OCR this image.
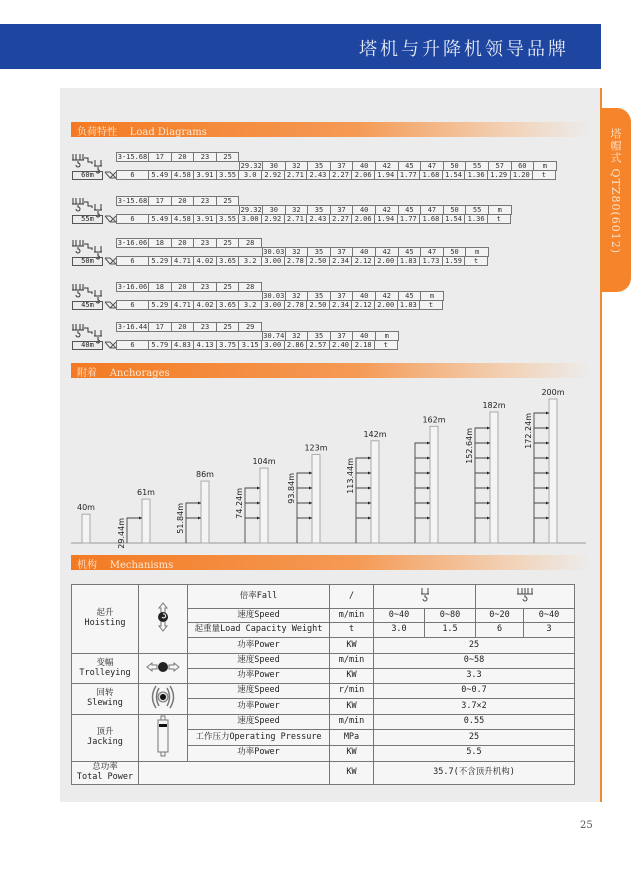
塔机与升降机领导品牌
塔帽式 QTZ80(6012)
负荷特性    Load Diagrams
60m
3-15.68	17	20	23	25
29.32	30	32	35	37	40	42	45	47	50	55	57	60	m
6	5.49 4.58 3.91 3.55	3.0	2.92 2.71 2.43 2.27 2.06 1.94 1.77 1.68 1.54 1.36 1.29 1.20	t
55m
3-15.68	17	20	23	25
29.32	30	32	35	37	40	42	45	47	50	55	m
6	5.49 4.58 3.91 3.55 3.00 2.92 2.71 2.43 2.27 2.06 1.94 1.77 1.68 1.54 1.36	t
50m
3-16.06	18	20	23	25	28
30.03	32	35	37	40	42	45	47	50	m
6	5.29 4.71 4.02 3.65	3.2	3.00 2.78 2.50 2.34 2.12 2.00 1.83 1.73 1.59	t
45m
3-16.06	18	20	23	25	28
30.03	32	35	37	40	42	45	m
6	5.29 4.71 4.02 3.65	3.2	3.00 2.78 2.50 2.34 2.12 2.00 1.83	t
40m
3-16.44	17	20	23	25	29
30.74	32	35	37	40	m
6	5.79 4.83 4.13 3.75 3.15 3.00 2.86 2.57 2.40 2.18	t
附着    Anchorages
40m
61m
29.44m
86m
51.84m
104m
74.24m
123m
93.84m
142m
113.44m
162m
182m
152.64m
200m
172.24m
机构    Mechanisms
起升
Hoisting		倍率Fall	/		
		速度Speed	m/min	0~40	0~80	0~20	0~40
		起重量Load Capacity Weight	t	3.0	1.5	6	3
		功率Power	KW	25			

变幅
Trolleying		速度Speed	m/min	0~58			
		功率Power	KW	3.3			

回转
Slewing		速度Speed	r/min	0~0.7			
		功率Power	KW	3.7×2			

顶升
Jacking		速度Speed	m/min	0.55			
		工作压力Operating Pressure	MPa	25			
		功率Power	KW	5.5			

总功率
Total Power			KW	35.7(不含顶升机构)			
25
